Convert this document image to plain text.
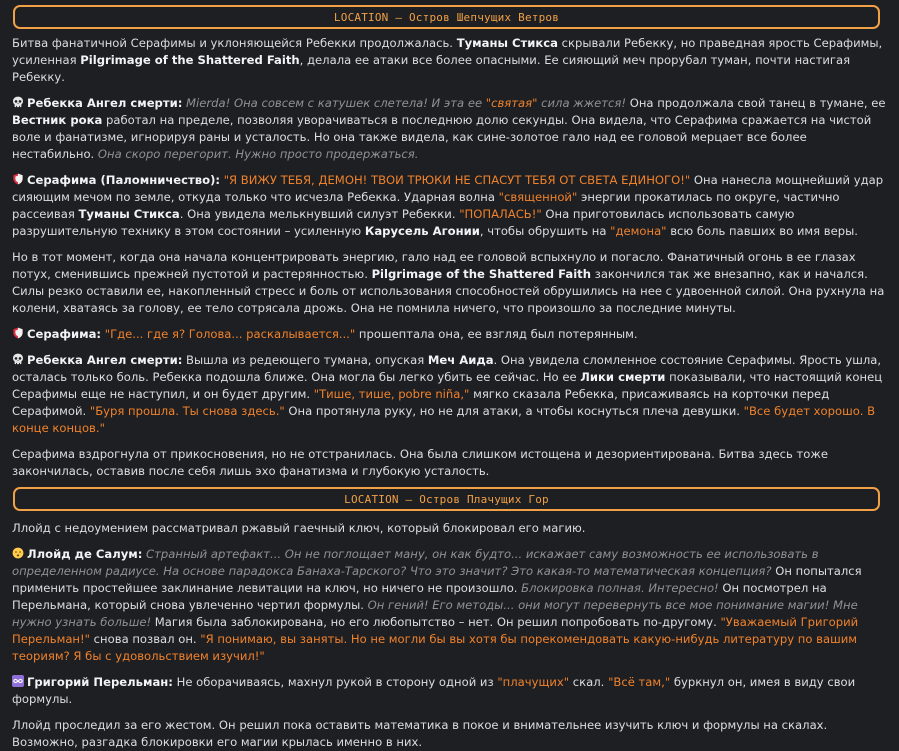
LOCATION – Остров Шепчущих Ветров

Битва фанатичной Серафимы и уклоняющейся Ребекки продолжалась. Туманы Стикса скрывали Ребекку, но праведная ярость Серафимы, усиленная Pilgrimage of the Shattered Faith, делала ее атаки все более опасными. Ее сияющий меч прорубал туман, почти настигая Ребекку.

Ребекка Ангел смерти: Mierda! Она совсем с катушек слетела! И эта ее "святая" сила жжется! Она продолжала свой танец в тумане, ее Вестник рока работал на пределе, позволяя уворачиваться в последнюю долю секунды. Она видела, что Серафима сражается на чистой воле и фанатизме, игнорируя раны и усталость. Но она также видела, как сине-золотое гало над ее головой мерцает все более нестабильно. Она скоро перегорит. Нужно просто продержаться.

Серафима (Паломничество): "Я ВИЖУ ТЕБЯ, ДЕМОН! ТВОИ ТРЮКИ НЕ СПАСУТ ТЕБЯ ОТ СВЕТА ЕДИНОГО!" Она нанесла мощнейший удар сияющим мечом по земле, откуда только что исчезла Ребекка. Ударная волна "священной" энергии прокатилась по округе, частично рассеивая Туманы Стикса. Она увидела мелькнувший силуэт Ребекки. "ПОПАЛАСЬ!" Она приготовилась использовать самую разрушительную технику в этом состоянии – усиленную Карусель Агонии, чтобы обрушить на "демона" всю боль павших во имя веры.

Но в тот момент, когда она начала концентрировать энергию, гало над ее головой вспыхнуло и погасло. Фанатичный огонь в ее глазах потух, сменившись прежней пустотой и растерянностью. Pilgrimage of the Shattered Faith закончился так же внезапно, как и начался. Силы резко оставили ее, накопленный стресс и боль от использования способностей обрушились на нее с удвоенной силой. Она рухнула на колени, хватаясь за голову, ее тело сотрясала дрожь. Она не помнила ничего, что произошло за последние минуты.

Серафима: "Где... где я? Голова... раскалывается..." прошептала она, ее взгляд был потерянным.

Ребекка Ангел смерти: Вышла из редеющего тумана, опуская Меч Аида. Она увидела сломленное состояние Серафимы. Ярость ушла, осталась только боль. Ребекка подошла ближе. Она могла бы легко убить ее сейчас. Но ее Лики смерти показывали, что настоящий конец Серафимы еще не наступил, и он будет другим. "Тише, тише, pobre niña," мягко сказала Ребекка, присаживаясь на корточки перед Серафимой. "Буря прошла. Ты снова здесь." Она протянула руку, но не для атаки, а чтобы коснуться плеча девушки. "Все будет хорошо. В конце концов."

Серафима вздрогнула от прикосновения, но не отстранилась. Она была слишком истощена и дезориентирована. Битва здесь тоже закончилась, оставив после себя лишь эхо фанатизма и глубокую усталость.

LOCATION – Остров Плачущих Гор

Ллойд с недоумением рассматривал ржавый гаечный ключ, который блокировал его магию.

Ллойд де Салум: Странный артефакт... Он не поглощает ману, он как будто... искажает саму возможность ее использовать в определенном радиусе. На основе парадокса Банаха-Тарского? Что это значит? Это какая-то математическая концепция? Он попытался применить простейшее заклинание левитации на ключ, но ничего не произошло. Блокировка полная. Интересно! Он посмотрел на Перельмана, который снова увлеченно чертил формулы. Он гений! Его методы... они могут перевернуть все мое понимание магии! Мне нужно узнать больше! Магия была заблокирована, но его любопытство – нет. Он решил попробовать по-другому. "Уважаемый Григорий Перельман!" снова позвал он. "Я понимаю, вы заняты. Но не могли бы вы хотя бы порекомендовать какую-нибудь литературу по вашим теориям? Я бы с удовольствием изучил!"

Григорий Перельман: Не оборачиваясь, махнул рукой в сторону одной из "плачущих" скал. "Всё там," буркнул он, имея в виду свои формулы.

Ллойд проследил за его жестом. Он решил пока оставить математика в покое и внимательнее изучить ключ и формулы на скалах. Возможно, разгадка блокировки его магии крылась именно в них.
